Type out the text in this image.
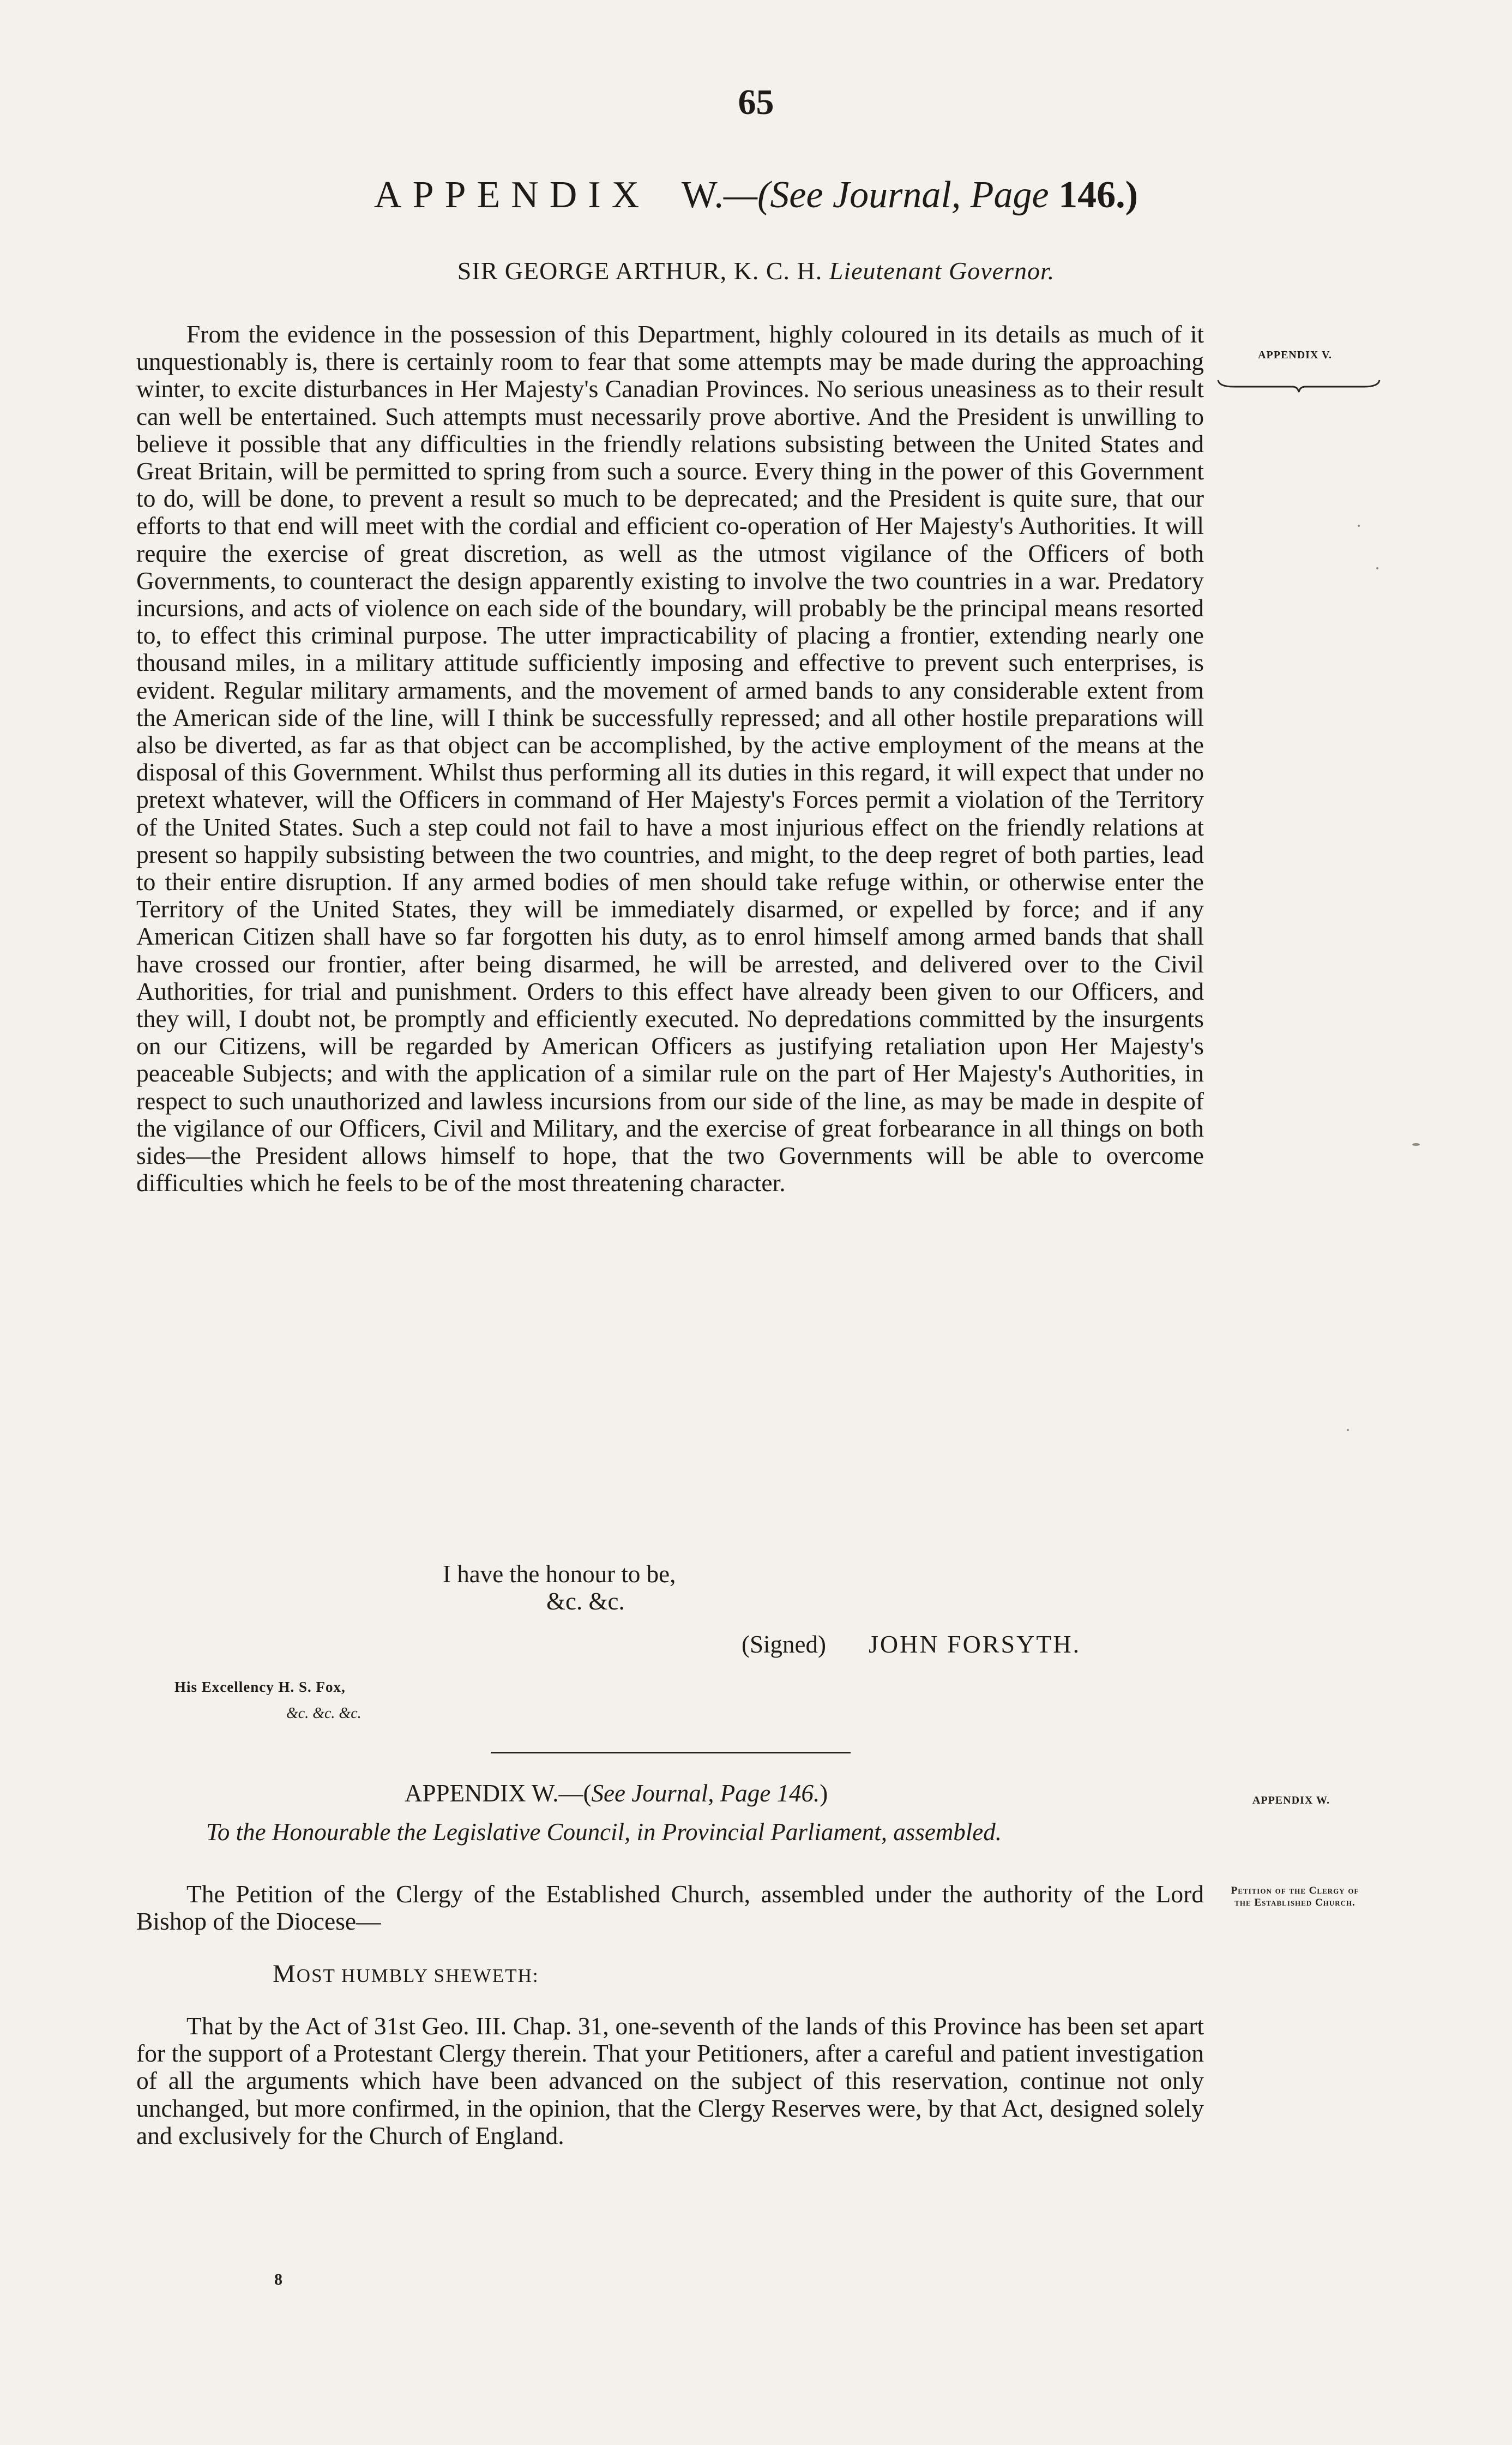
65
APPENDIX W.—(See Journal, Page 146.)
SIR GEORGE ARTHUR, K. C. H. Lieutenant Governor.
APPENDIX V.

From the evidence in the possession of this Department, highly coloured in its details as much of it unquestionably is, there is certainly room to fear that some attempts may be made during the approaching winter, to excite disturbances in Her Majesty's Canadian Provinces. No serious uneasiness as to their result can well be entertained. Such attempts must necessarily prove abortive. And the President is unwilling to believe it possible that any difficulties in the friendly relations subsisting between the United States and Great Britain, will be permitted to spring from such a source. Every thing in the power of this Government to do, will be done, to prevent a result so much to be deprecated; and the President is quite sure, that our efforts to that end will meet with the cordial and efficient co-operation of Her Majesty's Authorities. It will require the exercise of great discretion, as well as the utmost vigilance of the Officers of both Governments, to counteract the design apparently existing to involve the two countries in a war. Predatory incursions, and acts of violence on each side of the boundary, will probably be the principal means resorted to, to effect this criminal purpose. The utter impracticability of placing a frontier, extending nearly one thousand miles, in a military attitude sufficiently imposing and effective to prevent such enterprises, is evident. Regular military armaments, and the movement of armed bands to any considerable extent from the American side of the line, will I think be successfully repressed; and all other hostile preparations will also be diverted, as far as that object can be accomplished, by the active employment of the means at the disposal of this Government. Whilst thus performing all its duties in this regard, it will expect that under no pretext whatever, will the Officers in command of Her Majesty's Forces permit a violation of the Territory of the United States. Such a step could not fail to have a most injurious effect on the friendly relations at present so happily subsisting between the two countries, and might, to the deep regret of both parties, lead to their entire disruption. If any armed bodies of men should take refuge within, or otherwise enter the Territory of the United States, they will be immediately disarmed, or expelled by force; and if any American Citizen shall have so far forgotten his duty, as to enrol himself among armed bands that shall have crossed our frontier, after being disarmed, he will be arrested, and delivered over to the Civil Authorities, for trial and punishment. Orders to this effect have already been given to our Officers, and they will, I doubt not, be promptly and efficiently executed. No depredations committed by the insurgents on our Citizens, will be regarded by American Officers as justifying retaliation upon Her Majesty's peaceable Subjects; and with the application of a similar rule on the part of Her Majesty's Authorities, in respect to such unauthorized and lawless incursions from our side of the line, as may be made in despite of the vigilance of our Officers, Civil and Military, and the exercise of great forbearance in all things on both sides—the President allows himself to hope, that the two Governments will be able to overcome difficulties which he feels to be of the most threatening character.

I have the honour to be,
&c. &c.
(Signed) JOHN FORSYTH.
His Excellency H. S. Fox,
&c. &c. &c.
APPENDIX W.—(See Journal, Page 146.)	APPENDIX W.
Petition of the Clergy of
the Established Church.
To the Honourable the Legislative Council, in Provincial Parliament, assembled.

The Petition of the Clergy of the Established Church, assembled under the authority of the Lord Bishop of the Diocese—

MOST HUMBLY SHEWETH:

That by the Act of 31st Geo. III. Chap. 31, one-seventh of the lands of this Province has been set apart for the support of a Protestant Clergy therein. That your Petitioners, after a careful and patient investigation of all the arguments which have been advanced on the subject of this reservation, continue not only unchanged, but more confirmed, in the opinion, that the Clergy Reserves were, by that Act, designed solely and exclusively for the Church of England.

8
